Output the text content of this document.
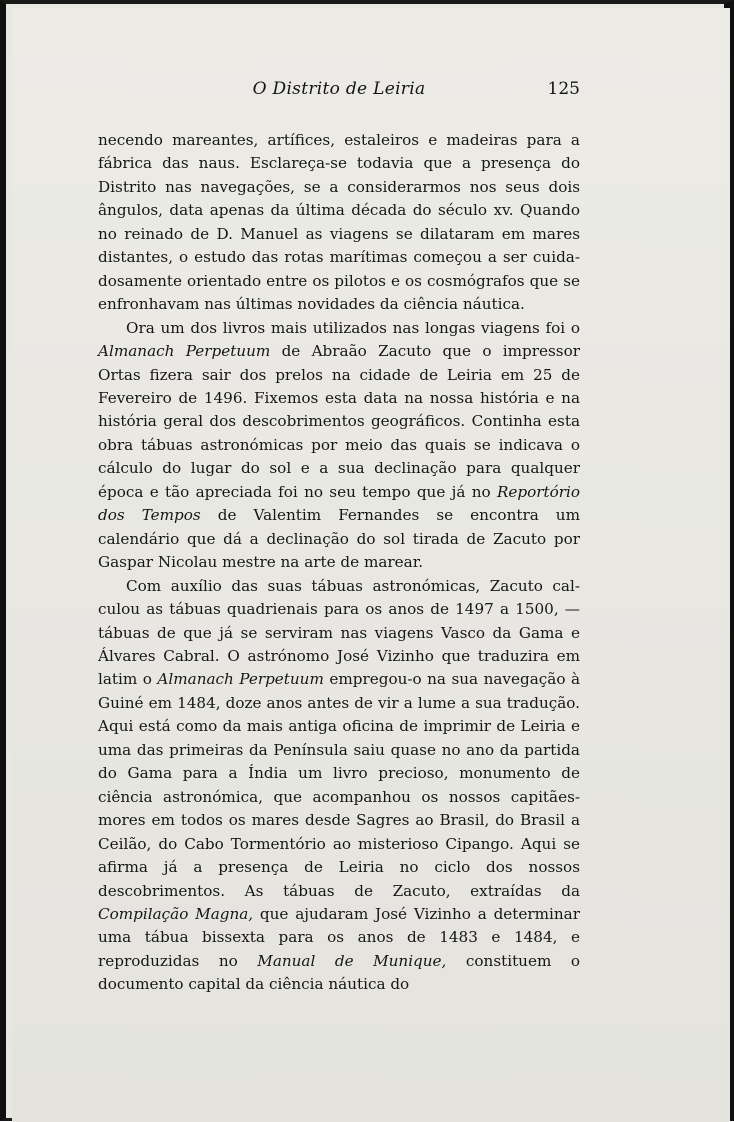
O Distrito de Leiria	125

necendo mareantes, artífices, estaleiros e madeiras para a fábrica das naus. Esclareça-se todavia que a presença do Distrito nas navegações, se a considerarmos nos seus dois ângulos, data apenas da última década do século xv. Quando no reinado de D. Manuel as viagens se dilataram em mares distantes, o estudo das rotas marítimas começou a ser cuidadosamente orientado entre os pilotos e os cosmógrafos que se enfronhavam nas últimas novidades da ciência náutica.

Ora um dos livros mais utilizados nas longas viagens foi o Almanach Perpetuum de Abraão Zacuto que o impressor Ortas fizera sair dos prelos na cidade de Leiria em 25 de Fevereiro de 1496. Fixemos esta data na nossa história e na história geral dos descobrimentos geográficos. Continha esta obra tábuas astronómicas por meio das quais se indicava o cálculo do lugar do sol e a sua declinação para qualquer época e tão apreciada foi no seu tempo que já no Reportório dos Tempos de Valentim Fernandes se encontra um calendário que dá a declinação do sol tirada de Zacuto por Gaspar Nicolau mestre na arte de marear.

Com auxílio das suas tábuas astronómicas, Zacuto calculou as tábuas quadrienais para os anos de 1497 a 1500, — tábuas de que já se serviram nas viagens Vasco da Gama e Álvares Cabral. O astrónomo José Vizinho que traduzira em latim o Almanach Perpetuum empregou-o na sua navegação à Guiné em 1484, doze anos antes de vir a lume a sua tradução. Aqui está como da mais antiga oficina de imprimir de Leiria e uma das primeiras da Península saiu quase no ano da partida do Gama para a Índia um livro precioso, monumento de ciência astronómica, que acompanhou os nossos capitães-mores em todos os mares desde Sagres ao Brasil, do Brasil a Ceilão, do Cabo Tormentório ao misterioso Cipango. Aqui se afirma já a presença de Leiria no ciclo dos nossos descobrimentos. As tábuas de Zacuto, extraídas da Compilação Magna, que ajudaram José Vizinho a determinar uma tábua bissexta para os anos de 1483 e 1484, e reproduzidas no Manual de Munique, constituem o documento capital da ciência náutica do
